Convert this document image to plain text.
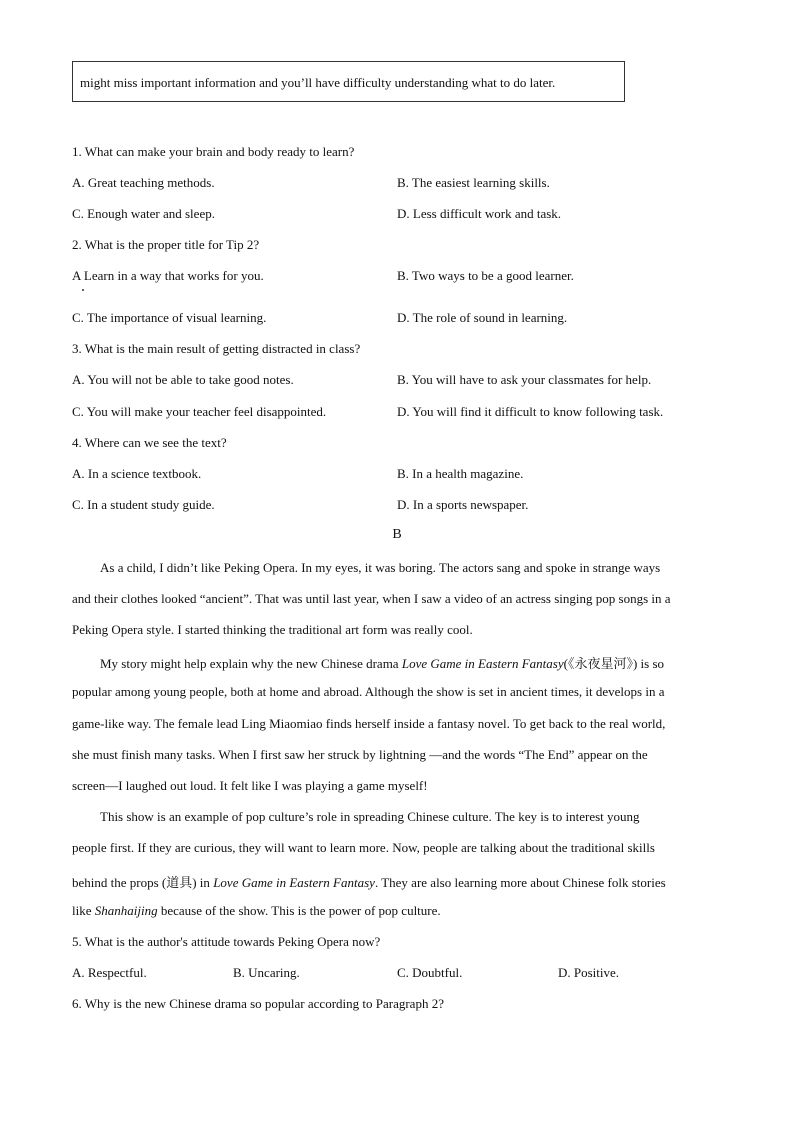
might miss important information and you’ll have difficulty understanding what to do later.
1. What can make your brain and body ready to learn?
A. Great teaching methods.	B. The easiest learning skills.
C. Enough water and sleep.	D. Less difficult work and task.
2. What is the proper title for Tip 2?
A Learn in a way that works for you.	B. Two ways to be a good learner.
C. The importance of visual learning.	D. The role of sound in learning.
3. What is the main result of getting distracted in class?
A. You will not be able to take good notes.	B. You will have to ask your classmates for help.
C. You will make your teacher feel disappointed.	D. You will find it difficult to know following task.
4. Where can we see the text?
A. In a science textbook.	B. In a health magazine.
C. In a student study guide.	D. In a sports newspaper.
B
As a child, I didn’t like Peking Opera. In my eyes, it was boring. The actors sang and spoke in strange ways
and their clothes looked “ancient”. That was until last year, when I saw a video of an actress singing pop songs in a
Peking Opera style. I started thinking the traditional art form was really cool.
My story might help explain why the new Chinese drama Love Game in Eastern Fantasy(《永夜星河》) is so
popular among young people, both at home and abroad. Although the show is set in ancient times, it develops in a
game-like way. The female lead Ling Miaomiao finds herself inside a fantasy novel. To get back to the real world,
she must finish many tasks. When I first saw her struck by lightning —and the words “The End” appear on the
screen—I laughed out loud. It felt like I was playing a game myself!
This show is an example of pop culture’s role in spreading Chinese culture. The key is to interest young
people first. If they are curious, they will want to learn more. Now, people are talking about the traditional skills
behind the props (道具) in Love Game in Eastern Fantasy. They are also learning more about Chinese folk stories
like Shanhaijing because of the show. This is the power of pop culture.
5. What is the author's attitude towards Peking Opera now?
A. Respectful.	B. Uncaring.	C. Doubtful.	D. Positive.
6. Why is the new Chinese drama so popular according to Paragraph 2?
